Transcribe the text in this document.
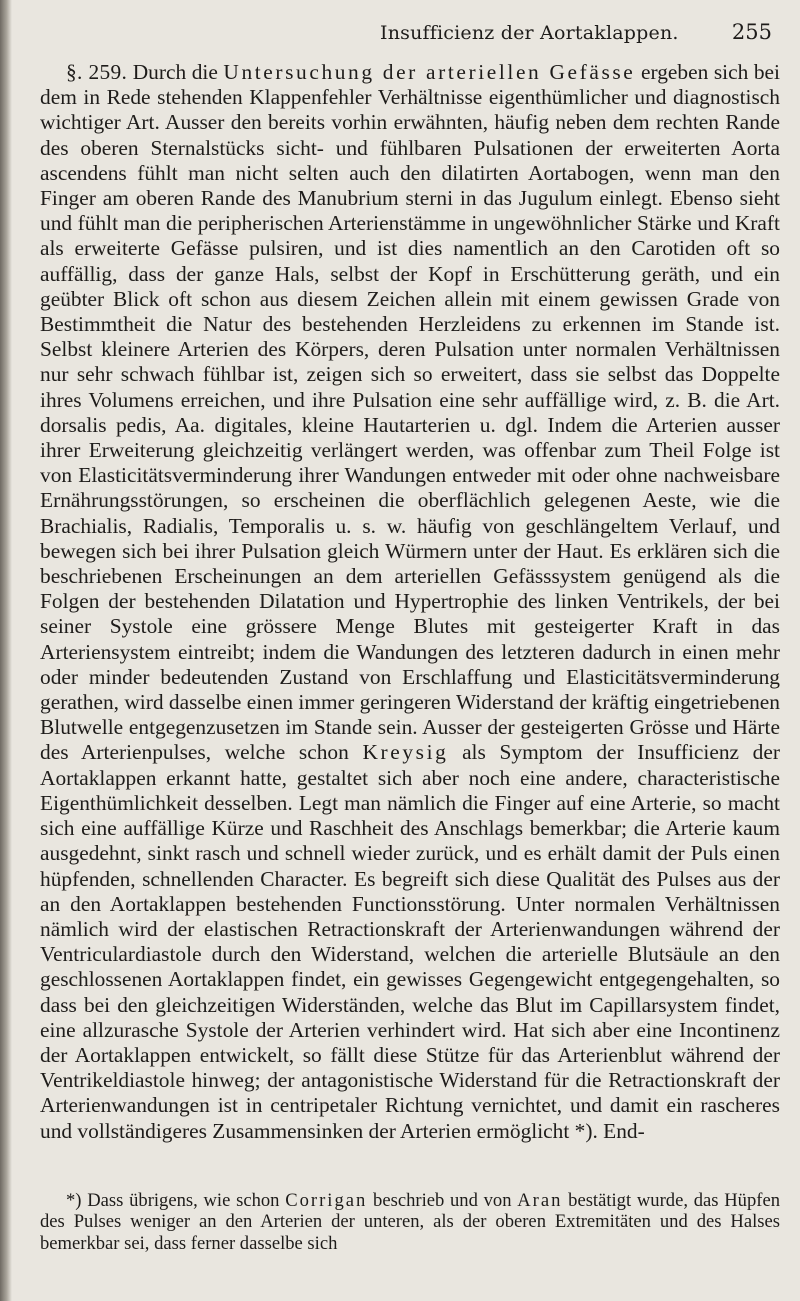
Insufficienz der Aortaklappen.	255

§. 259. Durch die Untersuchung der arteriellen Gefässe ergeben sich bei dem in Rede stehenden Klappenfehler Verhältnisse eigenthümlicher und diagnostisch wichtiger Art. Ausser den bereits vorhin erwähnten, häufig neben dem rechten Rande des oberen Sternalstücks sicht- und fühlbaren Pulsationen der erweiterten Aorta ascendens fühlt man nicht selten auch den dilatirten Aortabogen, wenn man den Finger am oberen Rande des Manubrium sterni in das Jugulum einlegt. Ebenso sieht und fühlt man die peripherischen Arterienstämme in ungewöhnlicher Stärke und Kraft als erweiterte Gefässe pulsiren, und ist dies namentlich an den Carotiden oft so auffällig, dass der ganze Hals, selbst der Kopf in Erschütterung geräth, und ein geübter Blick oft schon aus diesem Zeichen allein mit einem gewissen Grade von Bestimmtheit die Natur des bestehenden Herzleidens zu erkennen im Stande ist. Selbst kleinere Arterien des Körpers, deren Pulsation unter normalen Verhältnissen nur sehr schwach fühlbar ist, zeigen sich so erweitert, dass sie selbst das Doppelte ihres Volumens erreichen, und ihre Pulsation eine sehr auffällige wird, z. B. die Art. dorsalis pedis, Aa. digitales, kleine Hautarterien u. dgl. Indem die Arterien ausser ihrer Erweiterung gleichzeitig verlängert werden, was offenbar zum Theil Folge ist von Elasticitätsverminderung ihrer Wandungen entweder mit oder ohne nachweisbare Ernährungsstörungen, so erscheinen die oberflächlich gelegenen Aeste, wie die Brachialis, Radialis, Temporalis u. s. w. häufig von geschlängeltem Verlauf, und bewegen sich bei ihrer Pulsation gleich Würmern unter der Haut. Es erklären sich die beschriebenen Erscheinungen an dem arteriellen Gefässsystem genügend als die Folgen der bestehenden Dilatation und Hypertrophie des linken Ventrikels, der bei seiner Systole eine grössere Menge Blutes mit gesteigerter Kraft in das Arteriensystem eintreibt; indem die Wandungen des letzteren dadurch in einen mehr oder minder bedeutenden Zustand von Erschlaffung und Elasticitätsverminderung gerathen, wird dasselbe einen immer geringeren Widerstand der kräftig eingetriebenen Blutwelle entgegenzusetzen im Stande sein. Ausser der gesteigerten Grösse und Härte des Arterienpulses, welche schon Kreysig als Symptom der Insufficienz der Aortaklappen erkannt hatte, gestaltet sich aber noch eine andere, characteristische Eigenthümlichkeit desselben. Legt man nämlich die Finger auf eine Arterie, so macht sich eine auffällige Kürze und Raschheit des Anschlags bemerkbar; die Arterie kaum ausgedehnt, sinkt rasch und schnell wieder zurück, und es erhält damit der Puls einen hüpfenden, schnellenden Character. Es begreift sich diese Qualität des Pulses aus der an den Aortaklappen bestehenden Functionsstörung. Unter normalen Verhältnissen nämlich wird der elastischen Retractionskraft der Arterienwandungen während der Ventriculardiastole durch den Widerstand, welchen die arterielle Blutsäule an den geschlossenen Aortaklappen findet, ein gewisses Gegengewicht entgegengehalten, so dass bei den gleichzeitigen Widerständen, welche das Blut im Capillarsystem findet, eine allzurasche Systole der Arterien verhindert wird. Hat sich aber eine Incontinenz der Aortaklappen entwickelt, so fällt diese Stütze für das Arterienblut während der Ventrikeldiastole hinweg; der antagonistische Widerstand für die Retractionskraft der Arterienwandungen ist in centripetaler Richtung vernichtet, und damit ein rascheres und vollständigeres Zusammensinken der Arterien ermöglicht *). End-

*) Dass übrigens, wie schon Corrigan beschrieb und von Aran bestätigt wurde, das Hüpfen des Pulses weniger an den Arterien der unteren, als der oberen Extremitäten und des Halses bemerkbar sei, dass ferner dasselbe sich
